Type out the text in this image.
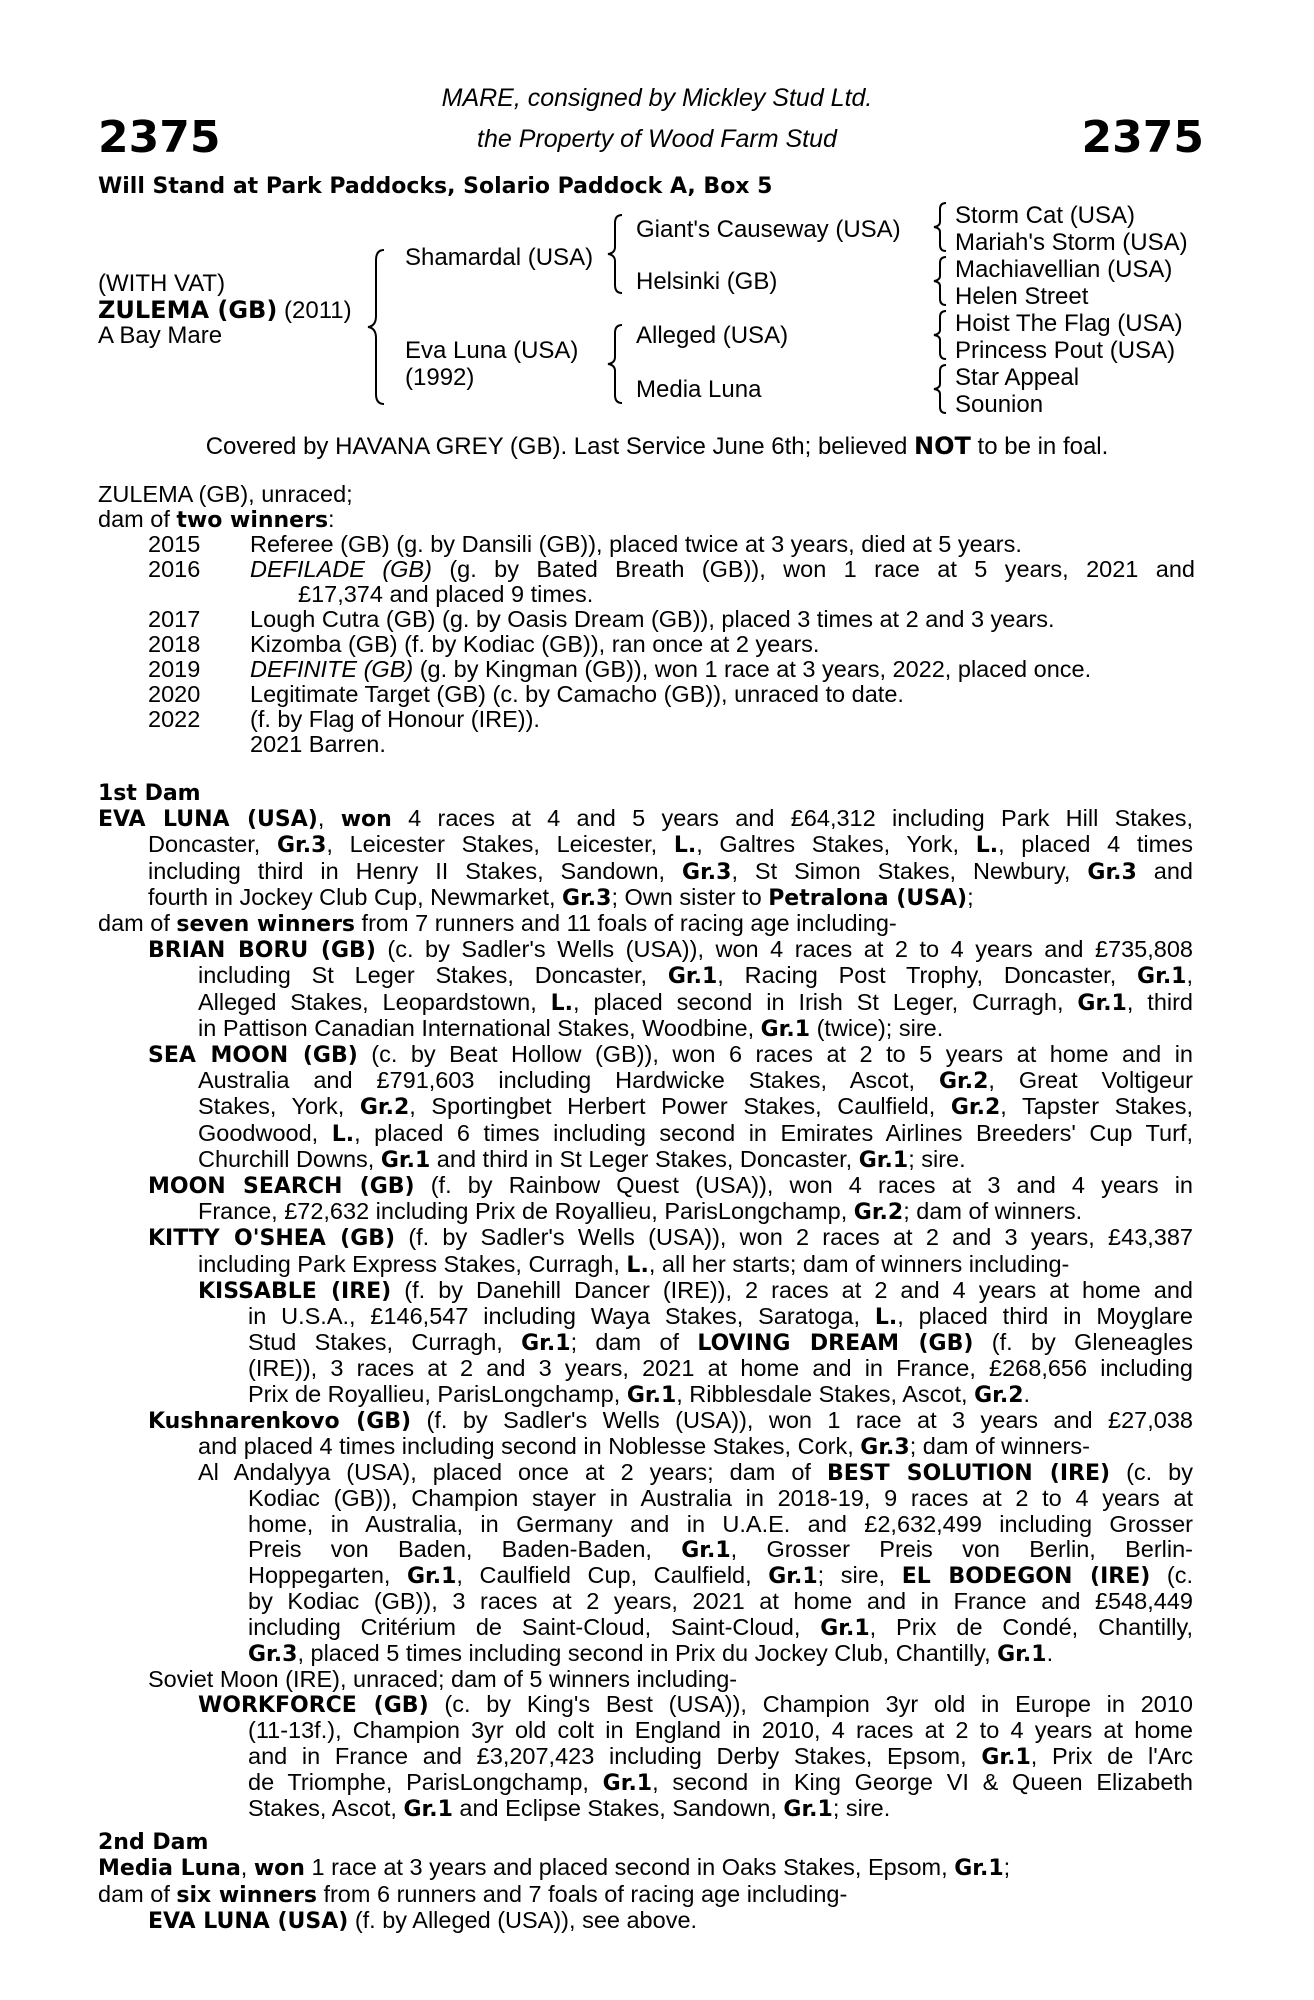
2375	2375
MARE, consigned by Mickley Stud Ltd.
the Property of Wood Farm Stud
Will Stand at Park Paddocks, Solario Paddock A, Box 5
(WITH VAT)
ZULEMA (GB) (2011)
A Bay Mare
Shamardal (USA)
Eva Luna (USA)
(1992)
Giant's Causeway (USA)
Helsinki (GB)
Alleged (USA)
Media Luna
Storm Cat (USA)
Mariah's Storm (USA)
Machiavellian (USA)
Helen Street
Hoist The Flag (USA)
Princess Pout (USA)
Star Appeal
Sounion
Covered by HAVANA GREY (GB). Last Service June 6th; believed NOT to be in foal.
ZULEMA (GB), unraced;
dam of two winners:
2015 Referee (GB) (g. by Dansili (GB)), placed twice at 3 years, died at 5 years.
DEFILADE (GB) (g. by Bated Breath (GB)), won 1 race at 5 years, 2021 and
£17,374 and placed 9 times.
2016
2017 Lough Cutra (GB) (g. by Oasis Dream (GB)), placed 3 times at 2 and 3 years.
2018 Kizomba (GB) (f. by Kodiac (GB)), ran once at 2 years.
2019 DEFINITE (GB) (g. by Kingman (GB)), won 1 race at 3 years, 2022, placed once.
2020 Legitimate Target (GB) (c. by Camacho (GB)), unraced to date.
2022 (f. by Flag of Honour (IRE)).
2021 Barren.

1st Dam

EVA LUNA (USA), won 4 races at 4 and 5 years and £64,312 including Park Hill Stakes,

Doncaster, Gr.3, Leicester Stakes, Leicester, L., Galtres Stakes, York, L., placed 4 times

including third in Henry II Stakes, Sandown, Gr.3, St Simon Stakes, Newbury, Gr.3 and

fourth in Jockey Club Cup, Newmarket, Gr.3; Own sister to Petralona (USA);

dam of seven winners from 7 runners and 11 foals of racing age including-

BRIAN BORU (GB) (c. by Sadler's Wells (USA)), won 4 races at 2 to 4 years and £735,808

including St Leger Stakes, Doncaster, Gr.1, Racing Post Trophy, Doncaster, Gr.1,

Alleged Stakes, Leopardstown, L., placed second in Irish St Leger, Curragh, Gr.1, third

in Pattison Canadian International Stakes, Woodbine, Gr.1 (twice); sire.

SEA MOON (GB) (c. by Beat Hollow (GB)), won 6 races at 2 to 5 years at home and in

Australia and £791,603 including Hardwicke Stakes, Ascot, Gr.2, Great Voltigeur

Stakes, York, Gr.2, Sportingbet Herbert Power Stakes, Caulfield, Gr.2, Tapster Stakes,

Goodwood, L., placed 6 times including second in Emirates Airlines Breeders' Cup Turf,

Churchill Downs, Gr.1 and third in St Leger Stakes, Doncaster, Gr.1; sire.

MOON SEARCH (GB) (f. by Rainbow Quest (USA)), won 4 races at 3 and 4 years in

France, £72,632 including Prix de Royallieu, ParisLongchamp, Gr.2; dam of winners.

KITTY O'SHEA (GB) (f. by Sadler's Wells (USA)), won 2 races at 2 and 3 years, £43,387

including Park Express Stakes, Curragh, L., all her starts; dam of winners including-

KISSABLE (IRE) (f. by Danehill Dancer (IRE)), 2 races at 2 and 4 years at home and

in U.S.A., £146,547 including Waya Stakes, Saratoga, L., placed third in Moyglare

Stud Stakes, Curragh, Gr.1; dam of LOVING DREAM (GB) (f. by Gleneagles

(IRE)), 3 races at 2 and 3 years, 2021 at home and in France, £268,656 including

Prix de Royallieu, ParisLongchamp, Gr.1, Ribblesdale Stakes, Ascot, Gr.2.

Kushnarenkovo (GB) (f. by Sadler's Wells (USA)), won 1 race at 3 years and £27,038

and placed 4 times including second in Noblesse Stakes, Cork, Gr.3; dam of winners-

Al Andalyya (USA), placed once at 2 years; dam of BEST SOLUTION (IRE) (c. by

Kodiac (GB)), Champion stayer in Australia in 2018-19, 9 races at 2 to 4 years at

home, in Australia, in Germany and in U.A.E. and £2,632,499 including Grosser

Preis von Baden, Baden-Baden, Gr.1, Grosser Preis von Berlin, Berlin-

Hoppegarten, Gr.1, Caulfield Cup, Caulfield, Gr.1; sire, EL BODEGON (IRE) (c.

by Kodiac (GB)), 3 races at 2 years, 2021 at home and in France and £548,449

including Critérium de Saint-Cloud, Saint-Cloud, Gr.1, Prix de Condé, Chantilly,

Gr.3, placed 5 times including second in Prix du Jockey Club, Chantilly, Gr.1.

Soviet Moon (IRE), unraced; dam of 5 winners including-

WORKFORCE (GB) (c. by King's Best (USA)), Champion 3yr old in Europe in 2010

(11-13f.), Champion 3yr old colt in England in 2010, 4 races at 2 to 4 years at home

and in France and £3,207,423 including Derby Stakes, Epsom, Gr.1, Prix de l'Arc

de Triomphe, ParisLongchamp, Gr.1, second in King George VI & Queen Elizabeth

Stakes, Ascot, Gr.1 and Eclipse Stakes, Sandown, Gr.1; sire.

2nd Dam

Media Luna, won 1 race at 3 years and placed second in Oaks Stakes, Epsom, Gr.1;

dam of six winners from 6 runners and 7 foals of racing age including-

EVA LUNA (USA) (f. by Alleged (USA)), see above.
